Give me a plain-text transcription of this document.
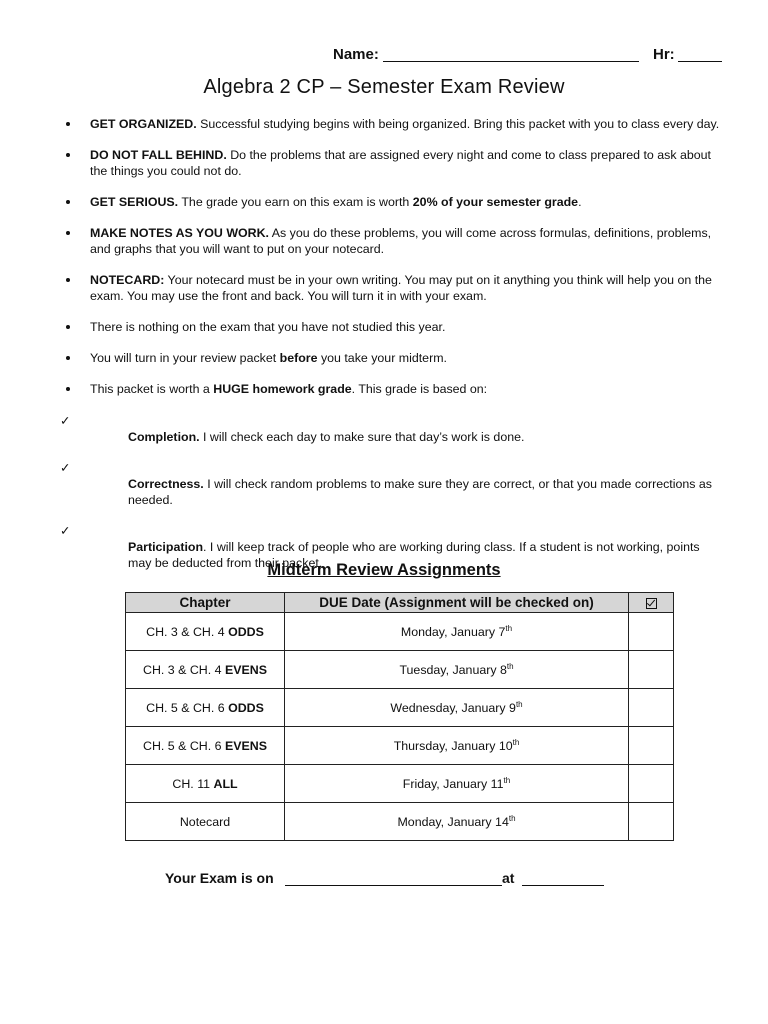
Name:	Hr:
Algebra 2 CP – Semester Exam Review
GET ORGANIZED. Successful studying begins with being organized. Bring this packet with you to class every day.
DO NOT FALL BEHIND. Do the problems that are assigned every night and come to class prepared to ask about the things you could not do.
GET SERIOUS. The grade you earn on this exam is worth 20% of your semester grade.
MAKE NOTES AS YOU WORK. As you do these problems, you will come across formulas, definitions, problems, and graphs that you will want to put on your notecard.
NOTECARD: Your notecard must be in your own writing. You may put on it anything you think will help you on the exam. You may use the front and back. You will turn it in with your exam.
There is nothing on the exam that you have not studied this year.
You will turn in your review packet before you take your midterm.
This packet is worth a HUGE homework grade. This grade is based on:
✓
Completion. I will check each day to make sure that day’s work is done.
✓
Correctness. I will check random problems to make sure they are correct, or that you made corrections as needed.
✓
Participation. I will keep track of people who are working during class. If a student is not working, points may be deducted from their packet.
Midterm Review Assignments
Chapter	DUE Date (Assignment will be checked on)	
CH. 3 & CH. 4 ODDS	Monday, January 7th	
CH. 3 & CH. 4 EVENS	Tuesday, January 8th	
CH. 5 & CH. 6 ODDS	Wednesday, January 9th	
CH. 5 & CH. 6 EVENS	Thursday, January 10th	
CH. 11 ALL	Friday, January 11th	
Notecard	Monday, January 14th	
Your Exam is on	at
